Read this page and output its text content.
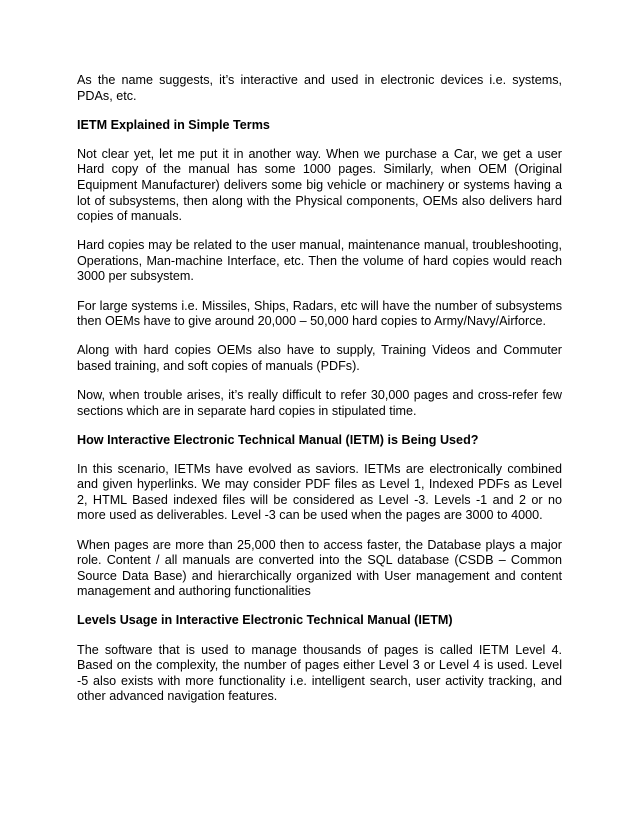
As the name suggests, it’s interactive and used in electronic devices i.e. systems, PDAs, etc.

IETM Explained in Simple Terms

Not clear yet, let me put it in another way. When we purchase a Car, we get a user Hard copy of the manual has some 1000 pages. Similarly, when OEM (Original Equipment Manufacturer) delivers some big vehicle or machinery or systems having a lot of subsystems, then along with the Physical components, OEMs also delivers hard copies of manuals.

Hard copies may be related to the user manual, maintenance manual, troubleshooting, Operations, Man-machine Interface, etc. Then the volume of hard copies would reach 3000 per subsystem.

For large systems i.e. Missiles, Ships, Radars, etc will have the number of subsystems then OEMs have to give around 20,000 – 50,000 hard copies to Army/Navy/Airforce.

Along with hard copies OEMs also have to supply, Training Videos and Commuter based training, and soft copies of manuals (PDFs).

Now, when trouble arises, it’s really difficult to refer 30,000 pages and cross-refer few sections which are in separate hard copies in stipulated time.

How Interactive Electronic Technical Manual (IETM) is Being Used?

In this scenario, IETMs have evolved as saviors. IETMs are electronically combined and given hyperlinks. We may consider PDF files as Level 1, Indexed PDFs as Level 2, HTML Based indexed files will be considered as Level -3. Levels -1 and 2 or no more used as deliverables. Level -3 can be used when the pages are 3000 to 4000.

When pages are more than 25,000 then to access faster, the Database plays a major role. Content / all manuals are converted into the SQL database (CSDB – Common Source Data Base) and hierarchically organized with User management and content management and authoring functionalities

Levels Usage in Interactive Electronic Technical Manual (IETM)

The software that is used to manage thousands of pages is called IETM Level 4. Based on the complexity, the number of pages either Level 3 or Level 4 is used. Level -5 also exists with more functionality i.e. intelligent search, user activity tracking, and other advanced navigation features.
